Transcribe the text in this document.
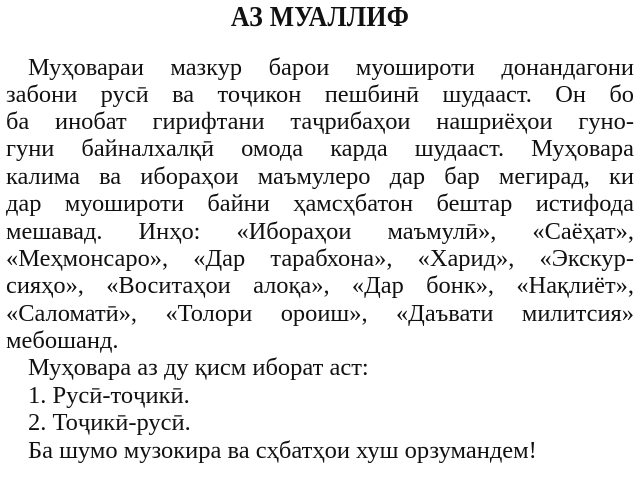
АЗ МУАЛЛИФ
Муҳовараи мазкур барои муошироти донандагони
забони русӣ ва тоҷикон пешбинӣ шудааст. Он бо
ба инобат гирифтани таҷрибаҳои нашриёҳои гуно-
гуни байналхалқӣ омода карда шудааст. Муҳовара
калима ва ибораҳои маъмулеро дар бар мегирад, ки
дар муошироти байни ҳамсҳбатон бештар истифода
мешавад. Инҳо: «Ибораҳои маъмулӣ», «Саёҳат»,
«Меҳмонсаро», «Дар тарабхона», «Харид», «Экскур-
сияҳо», «Воситаҳои алоқа», «Дар бонк», «Нақлиёт»,
«Саломатӣ», «Толори ороиш», «Даъвати милитсия»
мебошанд.
Муҳовара аз ду қисм иборат аст:
1. Русӣ-тоҷикӣ.
2. Тоҷикӣ-русӣ.
Ба шумо музокира ва сҳбатҳои хуш орзумандем!
